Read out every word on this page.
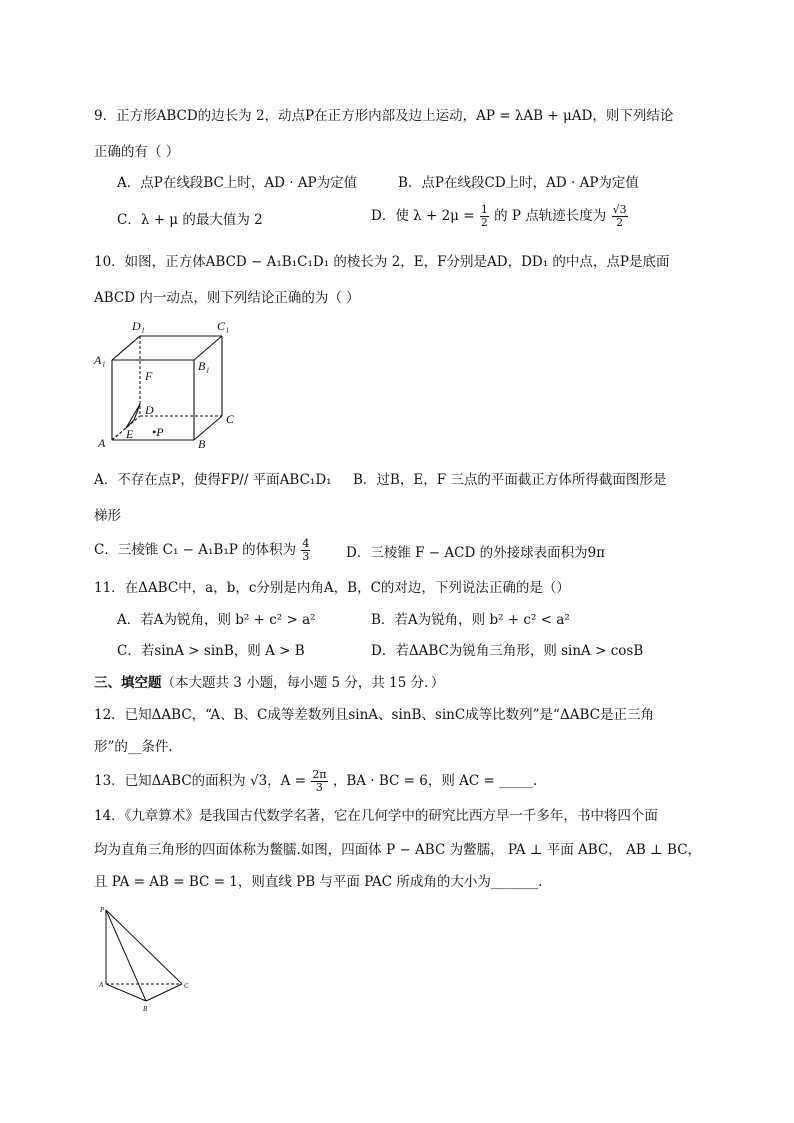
9．正方形ABCD的边长为 2，动点P在正方形内部及边上运动，AP = λAB + μAD，则下列结论
正确的有（ ）
A．点P在线段BC上时，AD · AP为定值	B．点P在线段CD上时，AD · AP为定值
C．λ + μ 的最大值为 2	D．使 $\lambda + 2\mu = \frac{1}{2}$ 的 P 点轨迹长度为 $\frac{√3}{2}$
10．如图，正方体ABCD − A₁B₁C₁D₁ 的棱长为 2，E，F分别是AD，DD₁ 的中点，点P是底面
ABCD 内一动点，则下列结论正确的为（ ）
D₁	C₁
A₁	B₁
F
D
C
A
E •P
B
A．不存在点P，使得FP// 平面ABC₁D₁ B．过B，E，F 三点的平面截正方体所得截面图形是
梯形
C．三棱锥 C₁ − A₁B₁P 的体积为 $\frac{4}{3}$	D．三棱锥 F − ACD 的外接球表面积为9π
11．在ΔABC中，a，b，c分别是内角A，B，C的对边，下列说法正确的是（）
A．若A为锐角，则 b² + c² > a²	B．若A为锐角，则 b² + c² < a²
C．若sinA > sinB，则 A > B	D．若ΔABC为锐角三角形，则 sinA > cosB
三、填空题（本大题共 3 小题，每小题 5 分，共 15 分．）
12．已知ΔABC，“A、B、C成等差数列且sinA、sinB、sinC成等比数列”是“ΔABC是正三角
形”的__条件.
13．已知ΔABC的面积为 √3，$A = \frac{2\pi}{3}$ ，BA · BC = 6，则 AC = _____.
14．《九章算术》是我国古代数学名著，它在几何学中的研究比西方早一千多年，书中将四个面
均为直角三角形的四面体称为鳖臑.如图，四面体 P − ABC 为鳖臑， PA ⊥ 平面 ABC， AB ⊥ BC，
且 PA = AB = BC = 1，则直线 PB 与平面 PAC 所成角的大小为_______.
P
A
B
C
